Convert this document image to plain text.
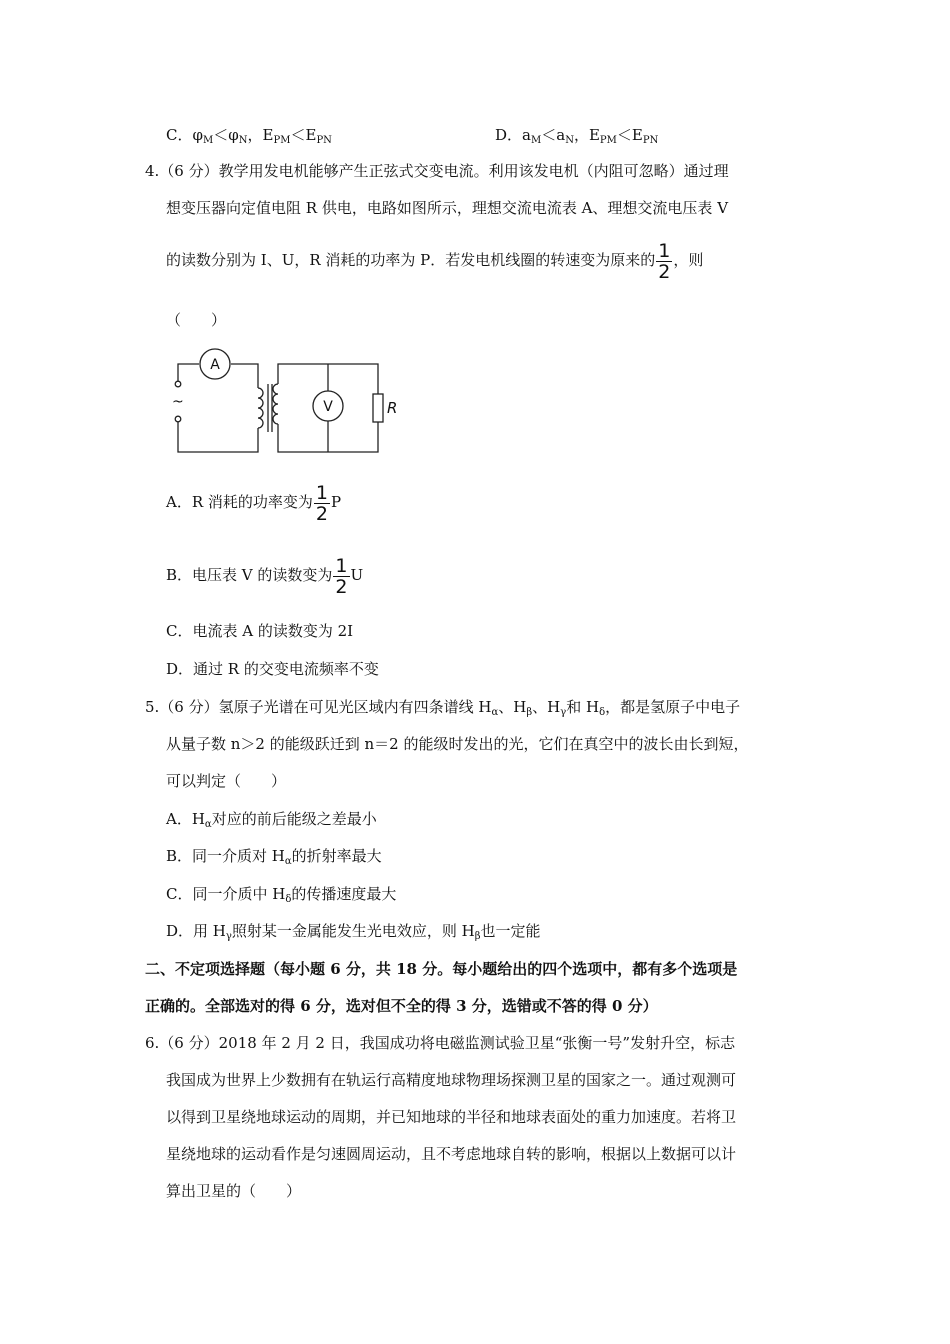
C．$\varphi_M<\varphi_N$，$E_{PM}<E_{PN}$	D．$a_M<a_N$，$E_{PM}<E_{PN}$
4.（6 分）教学用发电机能够产生正弦式交变电流。利用该发电机（内阻可忽略）通过理
想变压器向定值电阻 R 供电，电路如图所示，理想交流电流表 A、理想交流电压表 V
的读数分别为 I、U，R 消耗的功率为 P．若发电机线圈的转速变为原来的 $\frac{1}{2}$ ，则
（　　）
A
V	R
~
A．R 消耗的功率变为 $\frac{1}{2}$ P
B．电压表 V 的读数变为 $\frac{1}{2}$ U
C．电流表 A 的读数变为 2I
D．通过 R 的交变电流频率不变
5.（6 分）氢原子光谱在可见光区域内有四条谱线 $H_\alpha$、$H_\beta$、$H_\gamma$和 $H_\delta$，都是氢原子中电子
从量子数 n＞2 的能级跃迁到 n＝2 的能级时发出的光，它们在真空中的波长由长到短，
可以判定（　　）
A．$H_\alpha$对应的前后能级之差最小
B．同一介质对 $H_\alpha$的折射率最大
C．同一介质中 $H_\delta$的传播速度最大
D．用 $H_\gamma$照射某一金属能发生光电效应，则 $H_\beta$也一定能
二、不定项选择题（每小题 6 分，共 18 分。每小题给出的四个选项中，都有多个选项是
正确的。全部选对的得 6 分，选对但不全的得 3 分，选错或不答的得 0 分）
6.（6 分）2018 年 2 月 2 日，我国成功将电磁监测试验卫星“张衡一号”发射升空，标志
我国成为世界上少数拥有在轨运行高精度地球物理场探测卫星的国家之一。通过观测可
以得到卫星绕地球运动的周期，并已知地球的半径和地球表面处的重力加速度。若将卫
星绕地球的运动看作是匀速圆周运动，且不考虑地球自转的影响，根据以上数据可以计
算出卫星的（　　）
